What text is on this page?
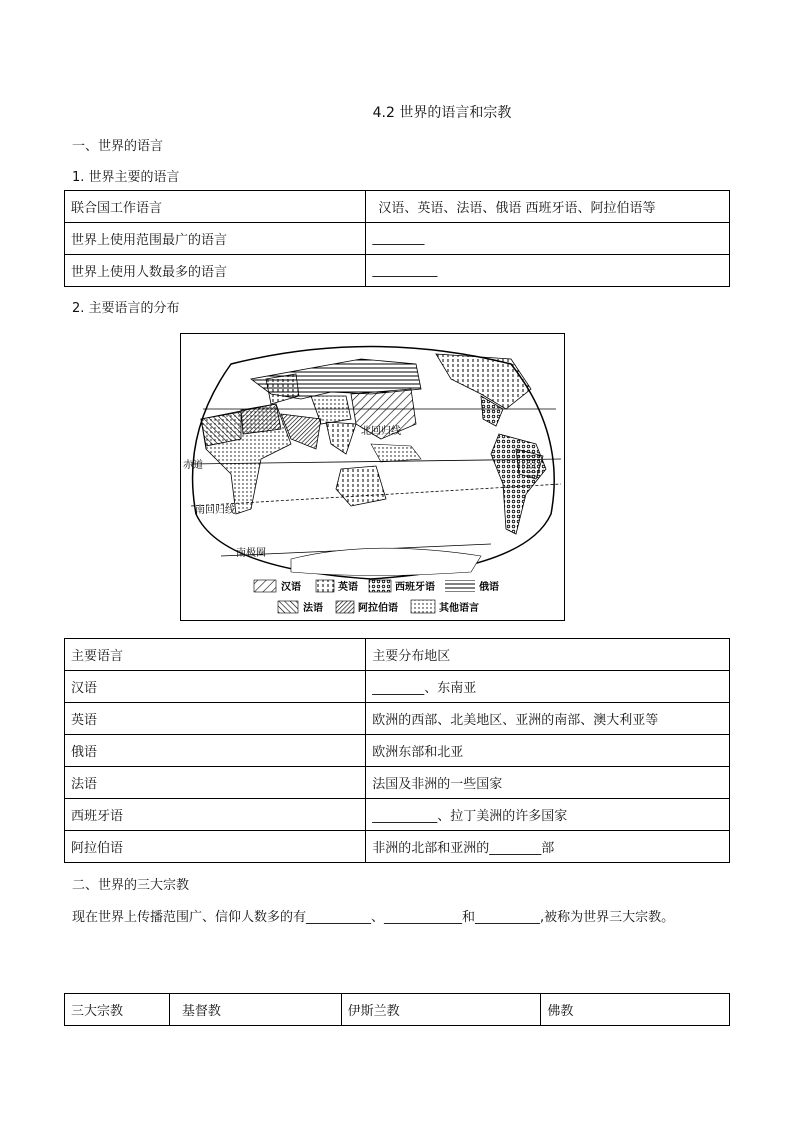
4.2 世界的语言和宗教
一、世界的语言
1. 世界主要的语言
联合国工作语言	汉语、英语、法语、俄语 西班牙语、阿拉伯语等
世界上使用范围最广的语言	________
世界上使用人数最多的语言	__________
2. 主要语言的分布
北回归线
赤道
南回归线
南极圈
汉语	英语	西班牙语	俄语
法语	阿拉伯语	其他语言
主要语言	主要分布地区
汉语	________、东南亚
英语	欧洲的西部、北美地区、亚洲的南部、澳大利亚等
俄语	欧洲东部和北亚
法语	法国及非洲的一些国家
西班牙语	__________、拉丁美洲的许多国家
阿拉伯语	非洲的北部和亚洲的________部
二、世界的三大宗教
现在世界上传播范围广、信仰人数多的有__________、____________和__________,被称为世界三大宗教。
三大宗教	基督教	伊斯兰教	佛教
